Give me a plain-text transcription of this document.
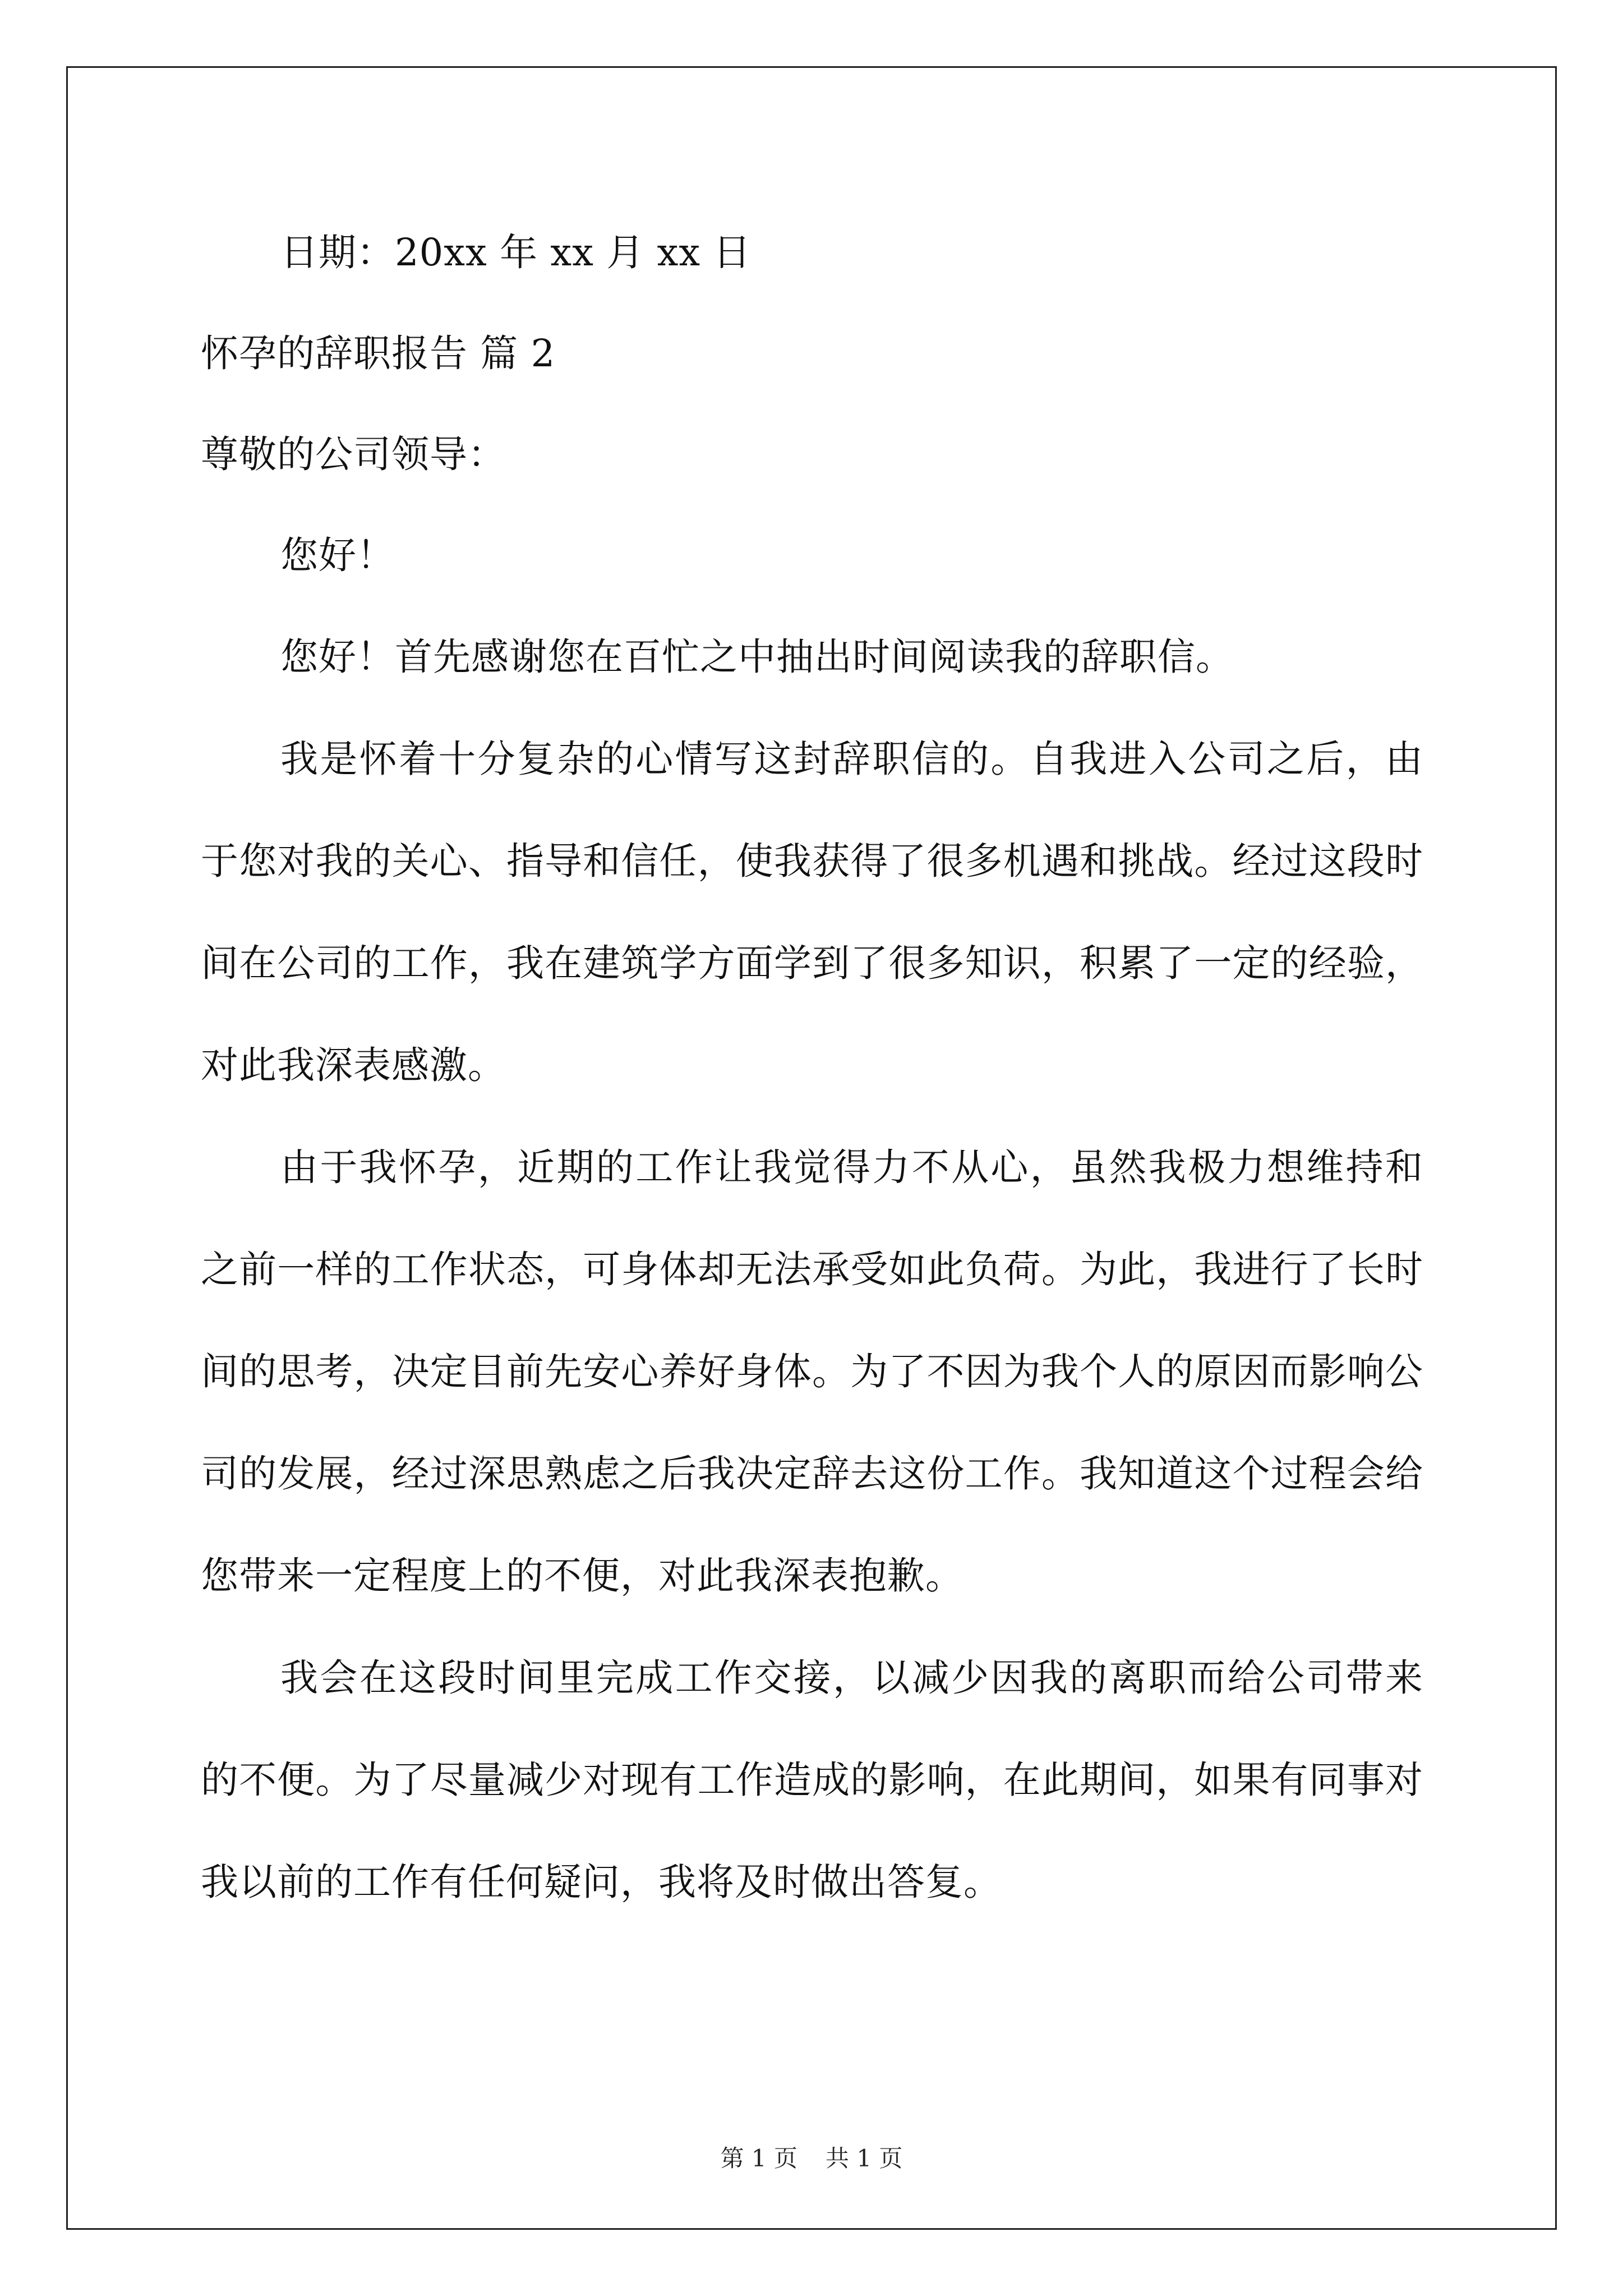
日期：20xx 年 xx 月 xx 日
怀孕的辞职报告 篇 2
尊敬的公司领导：
您好！
您好！首先感谢您在百忙之中抽出时间阅读我的辞职信。
我是怀着十分复杂的心情写这封辞职信的。自我进入公司之后，由于您对我的关心、指导和信任，使我获得了很多机遇和挑战。经过这段时间在公司的工作，我在建筑学方面学到了很多知识，积累了一定的经验，对此我深表感激。
由于我怀孕，近期的工作让我觉得力不从心，虽然我极力想维持和之前一样的工作状态，可身体却无法承受如此负荷。为此，我进行了长时间的思考，决定目前先安心养好身体。为了不因为我个人的原因而影响公司的发展，经过深思熟虑之后我决定辞去这份工作。我知道这个过程会给您带来一定程度上的不便，对此我深表抱歉。
我会在这段时间里完成工作交接，以减少因我的离职而给公司带来的不便。为了尽量减少对现有工作造成的影响，在此期间，如果有同事对我以前的工作有任何疑问，我将及时做出答复。
第 1 页 共 1 页
